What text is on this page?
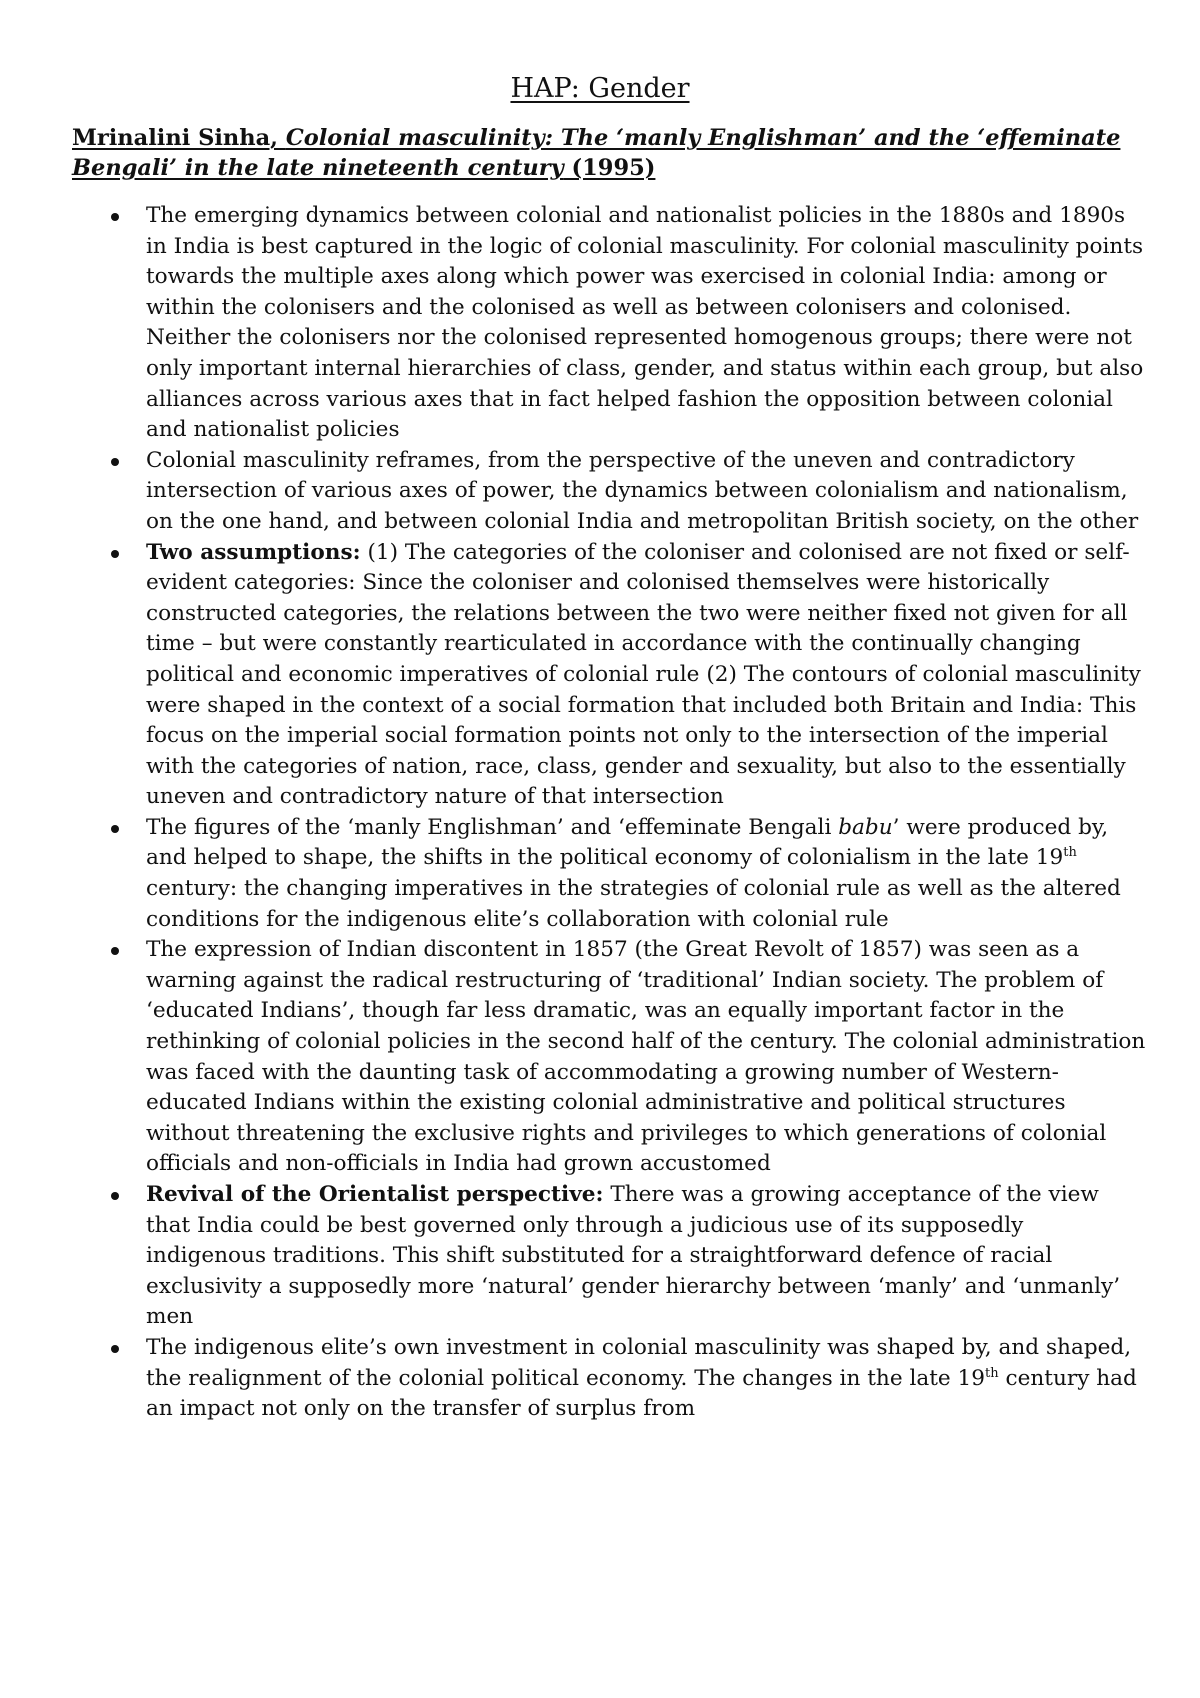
HAP: Gender

Mrinalini Sinha, Colonial masculinity: The ‘manly Englishman’ and the ‘effeminate Bengali’ in the late nineteenth century (1995)

The emerging dynamics between colonial and nationalist policies in the 1880s and 1890s in India is best captured in the logic of colonial masculinity. For colonial masculinity points towards the multiple axes along which power was exercised in colonial India: among or within the colonisers and the colonised as well as between colonisers and colonised. Neither the colonisers nor the colonised represented homogenous groups; there were not only important internal hierarchies of class, gender, and status within each group, but also alliances across various axes that in fact helped fashion the opposition between colonial and nationalist policies
Colonial masculinity reframes, from the perspective of the uneven and contradictory intersection of various axes of power, the dynamics between colonialism and nationalism, on the one hand, and between colonial India and metropolitan British society, on the other
Two assumptions: (1) The categories of the coloniser and colonised are not fixed or self-evident categories: Since the coloniser and colonised themselves were historically constructed categories, the relations between the two were neither fixed not given for all time – but were constantly rearticulated in accordance with the continually changing political and economic imperatives of colonial rule (2) The contours of colonial masculinity were shaped in the context of a social formation that included both Britain and India: This focus on the imperial social formation points not only to the intersection of the imperial with the categories of nation, race, class, gender and sexuality, but also to the essentially uneven and contradictory nature of that intersection
The figures of the ‘manly Englishman’ and ‘effeminate Bengali babu’ were produced by, and helped to shape, the shifts in the political economy of colonialism in the late 19th century: the changing imperatives in the strategies of colonial rule as well as the altered conditions for the indigenous elite’s collaboration with colonial rule
The expression of Indian discontent in 1857 (the Great Revolt of 1857) was seen as a warning against the radical restructuring of ‘traditional’ Indian society. The problem of ‘educated Indians’, though far less dramatic, was an equally important factor in the rethinking of colonial policies in the second half of the century. The colonial administration was faced with the daunting task of accommodating a growing number of Western-educated Indians within the existing colonial administrative and political structures without threatening the exclusive rights and privileges to which generations of colonial officials and non-officials in India had grown accustomed
Revival of the Orientalist perspective: There was a growing acceptance of the view that India could be best governed only through a judicious use of its supposedly indigenous traditions. This shift substituted for a straightforward defence of racial exclusivity a supposedly more ‘natural’ gender hierarchy between ‘manly’ and ‘unmanly’ men
The indigenous elite’s own investment in colonial masculinity was shaped by, and shaped, the realignment of the colonial political economy. The changes in the late 19th century had an impact not only on the transfer of surplus from
